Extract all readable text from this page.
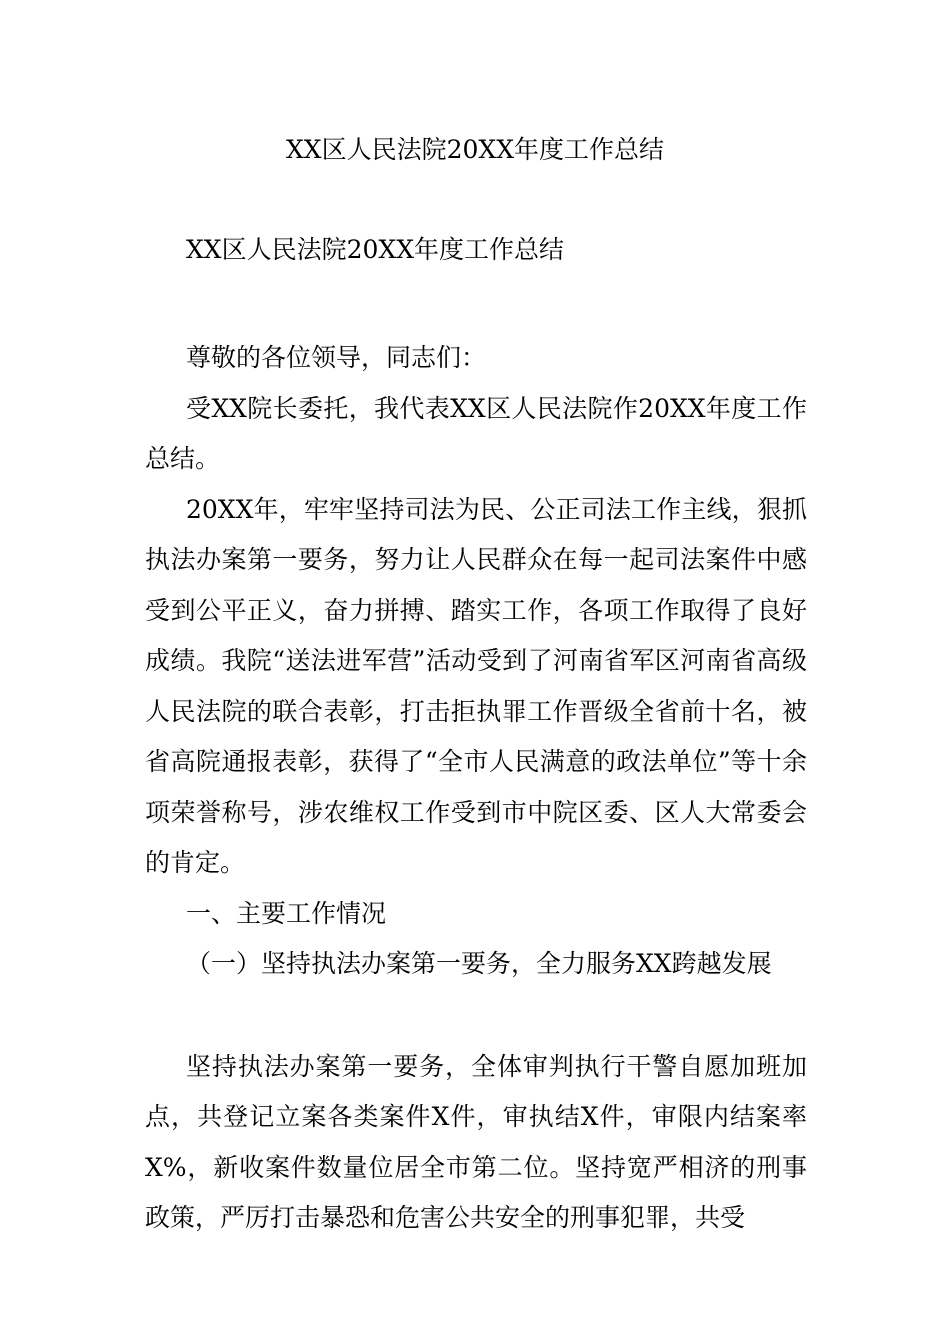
XX区人民法院20XX年度工作总结
XX区人民法院20XX年度工作总结

尊敬的各位领导，同志们：

受XX院长委托，我代表XX区人民法院作20XX年度工作总结。

20XX年，牢牢坚持司法为民、公正司法工作主线，狠抓执法办案第一要务，努力让人民群众在每一起司法案件中感受到公平正义，奋力拼搏、踏实工作，各项工作取得了良好成绩。我院“送法进军营”活动受到了河南省军区河南省高级人民法院的联合表彰，打击拒执罪工作晋级全省前十名，被省高院通报表彰，获得了“全市人民满意的政法单位”等十余项荣誉称号，涉农维权工作受到市中院区委、区人大常委会的肯定。

一、主要工作情况

（一）坚持执法办案第一要务，全力服务XX跨越发展

坚持执法办案第一要务，全体审判执行干警自愿加班加点，共登记立案各类案件X件，审执结X件，审限内结案率X%，新收案件数量位居全市第二位。坚持宽严相济的刑事政策，严厉打击暴恐和危害公共安全的刑事犯罪，共受
